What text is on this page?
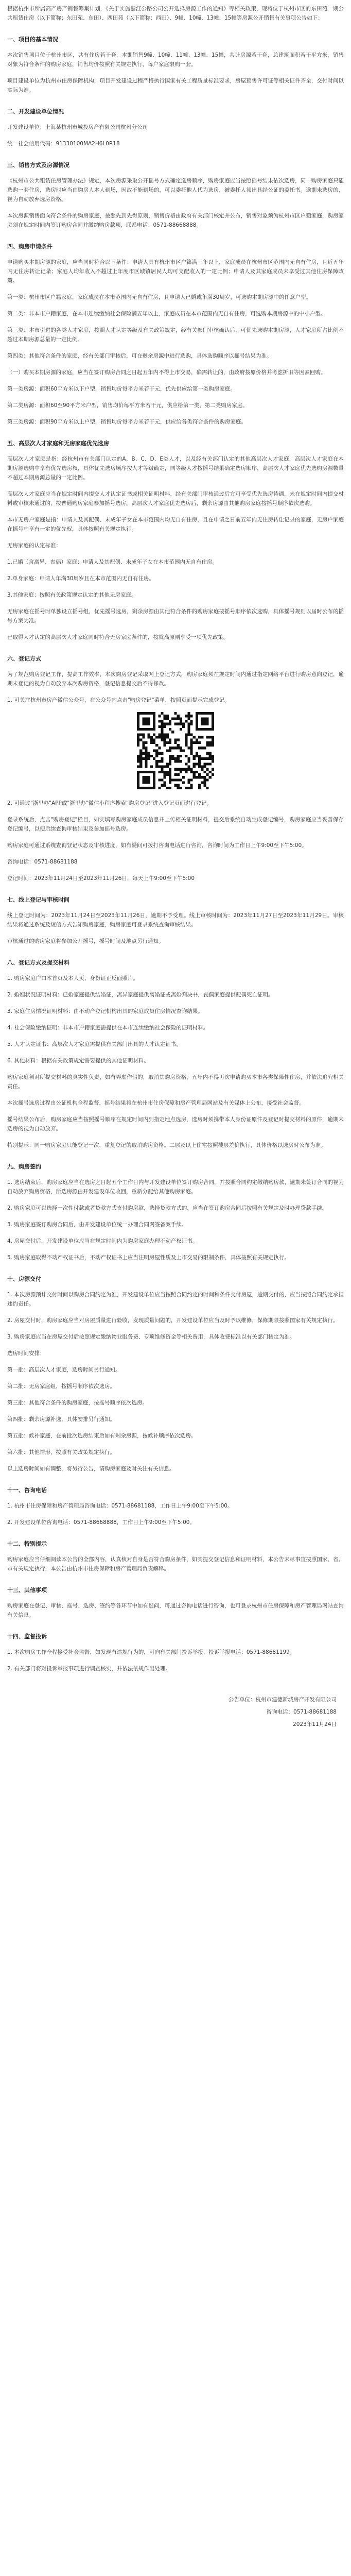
根据杭州市所属高产房产销售筹集计划，《关于实施浙江公路公司公开选择房源工作的通知》等相关政策，现将位于杭州市区的东田苑一期公共租赁住房（以下简称：东田苑、东田）、西田苑（以下简称：西田）、9幢、10幢、13幢、15幢等房源公开销售有关事项公告如下：

一、项目的基本情况

本次销售项目位于杭州市区，共有住房若干套，本期销售9幢、10幢、11幢、13幢、15幢，共计房源若干套，总建筑面积若干平方米，销售对象为符合条件的购房家庭，销售均价按照有关规定执行，每户家庭限购一套。

项目建设单位为杭州市住房保障机构，项目开发建设过程严格执行国家有关工程质量标准要求，房屋预售许可证等相关证件齐全，交付时间以实际为准。

二、开发建设单位情况

开发建设单位：上海某杭州市城投房产有限公司杭州分公司

统一社会信用代码：91330100MA2H6L0R18

三、销售方式及房源情况

《杭州市公共租赁住房管理办法》规定，本次房源采取公开摇号方式确定选房顺序，购房家庭应当按照摇号结果依次选房，同一购房家庭只能选购一套住房，选房时应当由购房人本人到场，因故不能到场的，可以委托他人代为选房，被委托人须出具经公证的委托书。逾期未选房的，视为自动放弃选房资格。

本次房源销售面向符合条件的购房家庭，按照先到先得原则，销售价格由政府有关部门核定并公布，销售对象须为杭州市区户籍家庭，购房家庭须在规定时间内签订购房合同并缴纳购房款项，联系电话：0571-88668888。

四、购房申请条件

申请购买本期房源的家庭，应当同时符合以下条件：申请人具有杭州市区户籍满三年以上，家庭成员在杭州市区范围内无自有住房，且近五年内无住房转让记录；家庭人均年收入不超过上年度市区城镇居民人均可支配收入的一定比例；申请人及其家庭成员未享受过其他住房保障政策。

第一类：杭州市区户籍家庭，家庭成员在本市范围内无自有住房，且申请人已婚或年满30周岁，可选购本期房源中的任意户型。

第二类：非本市户籍家庭，在本市连续缴纳社会保险满五年以上，家庭成员在本市范围内无自有住房，可选购本期房源中的中小户型。

第三类：本市引进的各类人才家庭，按照人才认定等级及有关政策规定，经有关部门审核确认后，可优先选购本期房源，人才家庭所占比例不超过本期房源总量的一定比例。

第四类：其他符合条件的家庭，经有关部门审核后，可在剩余房源中进行选购，具体选购顺序以摇号结果为准。

（一）购买本期房源的家庭，应当在签订购房合同之日起五年内不得上市交易，确需转让的，由政府按原价格并考虑折旧等因素回购。

第一类房源：面积60平方米以下户型，销售均价每平方米若干元，优先供应给第一类购房家庭。

第二类房源：面积60至90平方米户型，销售均价每平方米若干元，供应给第一类、第二类购房家庭。

第三类房源：面积90平方米以上户型，销售均价每平方米若干元，供应给各类符合条件的购房家庭。

五、高层次人才家庭和无房家庭优先选房

高层次人才家庭是指：经杭州市有关部门认定的A、B、C、D、E类人才，以及经有关部门认定的其他高层次人才家庭，高层次人才家庭在本期房源选购中享有优先选房权，具体优先选房顺序按人才等级确定，同等级人才按摇号结果确定选房顺序，高层次人才家庭优先选购房源数量不超过本期房源总量的一定比例。

高层次人才家庭应当在规定时间内提交人才认定证书或相关证明材料，经有关部门审核通过后方可享受优先选房待遇，未在规定时间内提交材料或审核未通过的，按普通购房家庭参加摇号选房。高层次人才家庭优先选房后，剩余房源由其他购房家庭按摇号顺序依次选购。

本市无房户家庭是指：申请人及其配偶、未成年子女在本市范围内均无自有住房，且在申请之日前五年内无住房转让记录的家庭，无房户家庭在摇号中享有一定的优先权，具体按照有关规定执行。

无房家庭的认定标准：

1.已婚（含离异、丧偶）家庭：申请人及其配偶、未成年子女在本市范围内无自有住房。

2.单身家庭：申请人年满30周岁且在本市范围内无自有住房。

3.其他家庭：按照有关政策规定认定的其他无房家庭。

无房家庭在摇号时单独设立摇号组，优先摇号选房，剩余房源由其他符合条件的购房家庭按摇号顺序依次选购，具体摇号规则以届时公布的摇号方案为准。

已取得人才认定的高层次人才家庭同时符合无房家庭条件的，按就高原则享受一项优先政策。

六、登记方式

为了规范购房登记工作，提高工作效率，本次购房登记采取网上登记方式，购房家庭须在规定时间内通过指定网络平台进行购房意向登记，逾期未登记的视为自动放弃本次购房资格，登记信息提交后不得修改。

1. 可关注杭州市房产微信公众号，在公众号内点击"购房登记"菜单，按照页面提示完成登记。

2. 可通过"浙里办"APP或"浙里办"微信小程序搜索"购房登记"进入登记页面进行登记。

登录系统后，点击"购房登记"栏目，如实填写购房家庭成员信息并上传相关证明材料，提交后系统自动生成登记编号，购房家庭应当妥善保存登记编号，以便后续查询审核结果及参加摇号选房。

购房家庭可通过系统查询登记状态及审核进度，如有疑问可拨打咨询电话进行咨询，咨询时间为工作日上午9:00至下午5:00。

咨询电话：0571-88681188

登记时间：2023年11月24日至2023年11月26日，每天上午9:00至下午5:00

七、线上登记与审核时间

线上登记时间为：2023年11月24日至2023年11月26日，逾期不予受理。线上审核时间为：2023年11月27日至2023年11月29日。审核结果将通过系统及短信方式告知购房家庭，购房家庭可登录系统查询审核结果。

审核通过的购房家庭将参加公开摇号，摇号时间及地点另行通知。

八、登记方式及提交材料

1. 购房家庭户口本首页及本人页、身份证正反面照片。

2. 婚姻状况证明材料：已婚家庭提供结婚证，离异家庭提供离婚证或离婚判决书，丧偶家庭提供配偶死亡证明。

3. 家庭住房情况证明材料：由不动产登记机构出具的家庭成员住房情况查询结果。

4. 社会保险缴纳证明：非本市户籍家庭需提供在本市连续缴纳社会保险的证明材料。

5. 人才认定证书：高层次人才家庭需提供有关部门出具的人才认定证书。

6. 其他材料：根据有关政策规定需要提供的其他证明材料。

购房家庭须对所提交材料的真实性负责，如有弄虚作假的，取消其购房资格，五年内不得再次申请购买本市各类保障性住房，并依法追究相关责任。

本次摇号选房过程由公证机构全程监督，摇号结果将在杭州市住房保障和房产管理局网站及有关媒体上公布，接受社会监督。

摇号结果公布后，购房家庭应当按照摇号顺序在规定时间内到指定地点选房，选房时须携带本人身份证原件及登记时提交材料的原件，逾期未选房的视为自动放弃。

特别提示：同一购房家庭只能登记一次，重复登记的取消购房资格。二层及以上住宅按照楼层差价执行，具体价格以选房时公布为准。

九、购房签约

1. 选房结束后，购房家庭应当在选房之日起五个工作日内与开发建设单位签订购房合同，并按照合同约定缴纳购房款，逾期未签订合同的视为自动放弃购房资格，所选房源由开发建设单位收回，重新分配给其他购房家庭。

2. 购房家庭可以选择一次性付款或者贷款方式支付购房款，选择贷款方式的，应当在签订购房合同后按照有关规定及时办理贷款手续。

3. 购房家庭签订购房合同后，由开发建设单位统一办理合同网签备案手续。

4. 房屋交付后，开发建设单位应当在规定时间内为购房家庭办理不动产权证书。

5. 购房家庭取得不动产权证书后，不动产权证书上应当注明房屋性质及上市交易的限制条件，具体按照有关规定执行。

十、房源交付

1. 本次房源预计交付时间以购房合同约定为准，开发建设单位应当按照合同约定的时间和条件交付房屋，逾期交付的，应当按照合同约定承担违约责任。

2. 房屋交付时，购房家庭应当对房屋质量进行验收，发现质量问题的，开发建设单位应当及时予以维修，保修期限按照国家有关规定执行。

3. 购房家庭应当在房屋交付后按照规定缴纳物业服务费、专项维修资金等相关费用，具体收费标准以有关部门核定为准。

选房时间安排：

第一批：高层次人才家庭，选房时间另行通知。

第二批：无房家庭组，按摇号顺序依次选房。

第三批：其他符合条件的购房家庭，按摇号顺序依次选房。

第四批：剩余房源补选，具体安排另行通知。

第五批：候补家庭，在前批次选房结束后如有剩余房源，按候补顺序依次选房。

第六批：其他情形，按照有关政策规定执行。

以上选房时间如有调整，将另行公告，请购房家庭及时关注有关信息。

十一、咨询电话

1. 杭州市住房保障和房产管理局咨询电话：0571-88681188，工作日上午9:00至下午5:00。

2. 开发建设单位咨询电话：0571-88668888，工作日上午9:00至下午5:00。

十二、特别提示

购房家庭应当仔细阅读本公告的全部内容，认真核对自身是否符合购房条件，如实提交登记信息和证明材料，本公告未尽事宜按照国家、省、市有关规定执行，本公告由杭州市住房保障和房产管理局负责解释。

十三、其他事项

购房家庭在登记、审核、摇号、选房、签约等各环节中如有疑问，可通过咨询电话进行咨询，也可登录杭州市住房保障和房产管理局网站查询有关信息。

十四、监督投诉

1. 本次购房工作全程接受社会监督，如发现有违规行为的，可向有关部门投诉举报，投诉举报电话：0571-88681199。

2. 有关部门将对投诉举报事项进行调查核实，并依法依规作出处理。

公告单位：杭州市建德新城房产开发有限公司
咨询电话：0571-88681188
2023年11月24日
